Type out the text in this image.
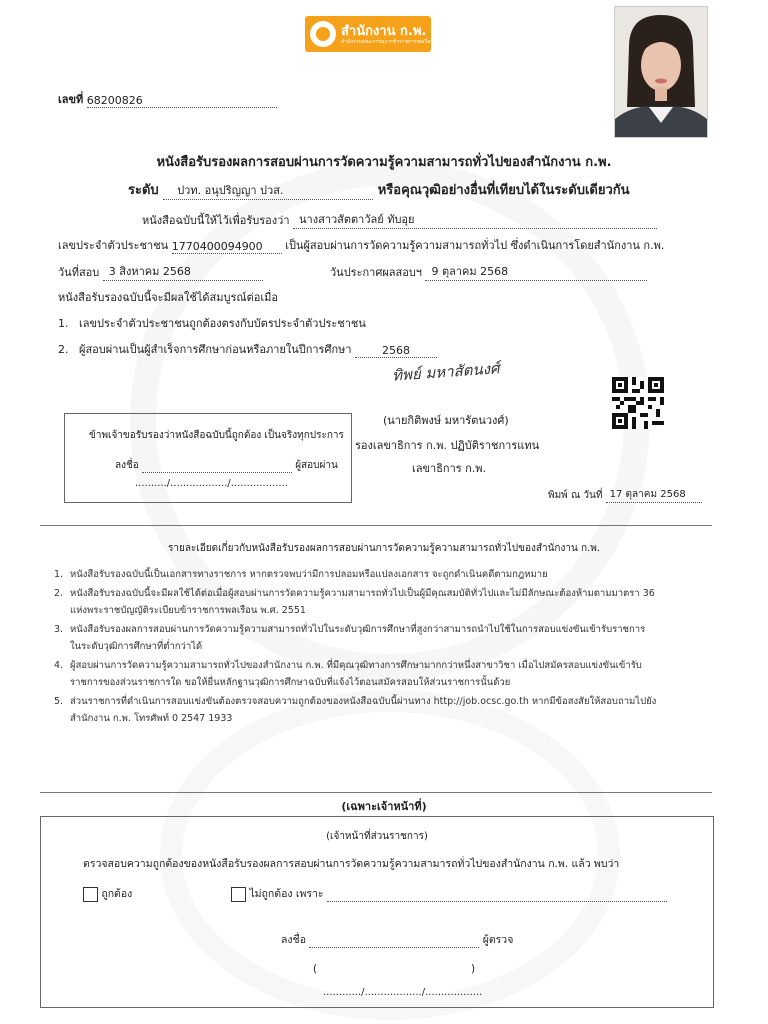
สำนักงาน ก.พ.
สำนักงานคณะกรรมการข้าราชการพลเรือน
เลขที่ 68200826
หนังสือรับรองผลการสอบผ่านการวัดความรู้ความสามารถทั่วไปของสำนักงาน ก.พ.
ระดับ ปวท. อนุปริญญา ปวส.	หรือคุณวุฒิอย่างอื่นที่เทียบได้ในระดับเดียวกัน
หนังสือฉบับนี้ให้ไว้เพื่อรับรองว่า นางสาวสัตตาวัลย์ ทับอุย
เลขประจำตัวประชาชน 1770400094900 เป็นผู้สอบผ่านการวัดความรู้ความสามารถทั่วไป ซึ่งดำเนินการโดยสำนักงาน ก.พ.
วันที่สอบ 3 สิงหาคม 2568	วันประกาศผลสอบฯ 9 ตุลาคม 2568
หนังสือรับรองฉบับนี้จะมีผลใช้ได้สมบูรณ์ต่อเมื่อ
1. เลขประจำตัวประชาชนถูกต้องตรงกับบัตรประจำตัวประชาชน
2. ผู้สอบผ่านเป็นผู้สำเร็จการศึกษาก่อนหรือภายในปีการศึกษา	2568
ทิพย์ มหาสัตนงศ์
(นายกิติพงษ์ มหารัตนวงศ์)
รองเลขาธิการ ก.พ. ปฏิบัติราชการแทน
เลขาธิการ ก.พ.
ข้าพเจ้าขอรับรองว่าหนังสือฉบับนี้ถูกต้อง เป็นจริงทุกประการ
ลงชื่อ	ผู้สอบผ่าน
........../................../..................
พิมพ์ ณ วันที่ 17 ตุลาคม 2568
รายละเอียดเกี่ยวกับหนังสือรับรองผลการสอบผ่านการวัดความรู้ความสามารถทั่วไปของสำนักงาน ก.พ.
1. หนังสือรับรองฉบับนี้เป็นเอกสารทางราชการ หากตรวจพบว่ามีการปลอมหรือแปลงเอกสาร จะถูกดำเนินคดีตามกฎหมาย
2. หนังสือรับรองฉบับนี้จะมีผลใช้ได้ต่อเมื่อผู้สอบผ่านการวัดความรู้ความสามารถทั่วไปเป็นผู้มีคุณสมบัติทั่วไปและไม่มีลักษณะต้องห้ามตามมาตรา 36
แห่งพระราชบัญญัติระเบียบข้าราชการพลเรือน พ.ศ. 2551
3. หนังสือรับรองผลการสอบผ่านการวัดความรู้ความสามารถทั่วไปในระดับวุฒิการศึกษาที่สูงกว่าสามารถนำไปใช้ในการสอบแข่งขันเข้ารับราชการ
ในระดับวุฒิการศึกษาที่ต่ำกว่าได้
4. ผู้สอบผ่านการวัดความรู้ความสามารถทั่วไปของสำนักงาน ก.พ. ที่มีคุณวุฒิทางการศึกษามากกว่าหนึ่งสาขาวิชา เมื่อไปสมัครสอบแข่งขันเข้ารับ
ราชการของส่วนราชการใด ขอให้ยื่นหลักฐานวุฒิการศึกษาฉบับที่แจ้งไว้ตอนสมัครสอบให้ส่วนราชการนั้นด้วย
5. ส่วนราชการที่ดำเนินการสอบแข่งขันต้องตรวจสอบความถูกต้องของหนังสือฉบับนี้ผ่านทาง http://job.ocsc.go.th หากมีข้อสงสัยให้สอบถามไปยัง
สำนักงาน ก.พ. โทรศัพท์ 0 2547 1933
(เฉพาะเจ้าหน้าที่)
(เจ้าหน้าที่ส่วนราชการ)
ตรวจสอบความถูกต้องของหนังสือรับรองผลการสอบผ่านการวัดความรู้ความสามารถทั่วไปของสำนักงาน ก.พ. แล้ว พบว่า
ถูกต้อง	ไม่ถูกต้อง เพราะ
ลงชื่อ	ผู้ตรวจ
(	)
............/................../..................
